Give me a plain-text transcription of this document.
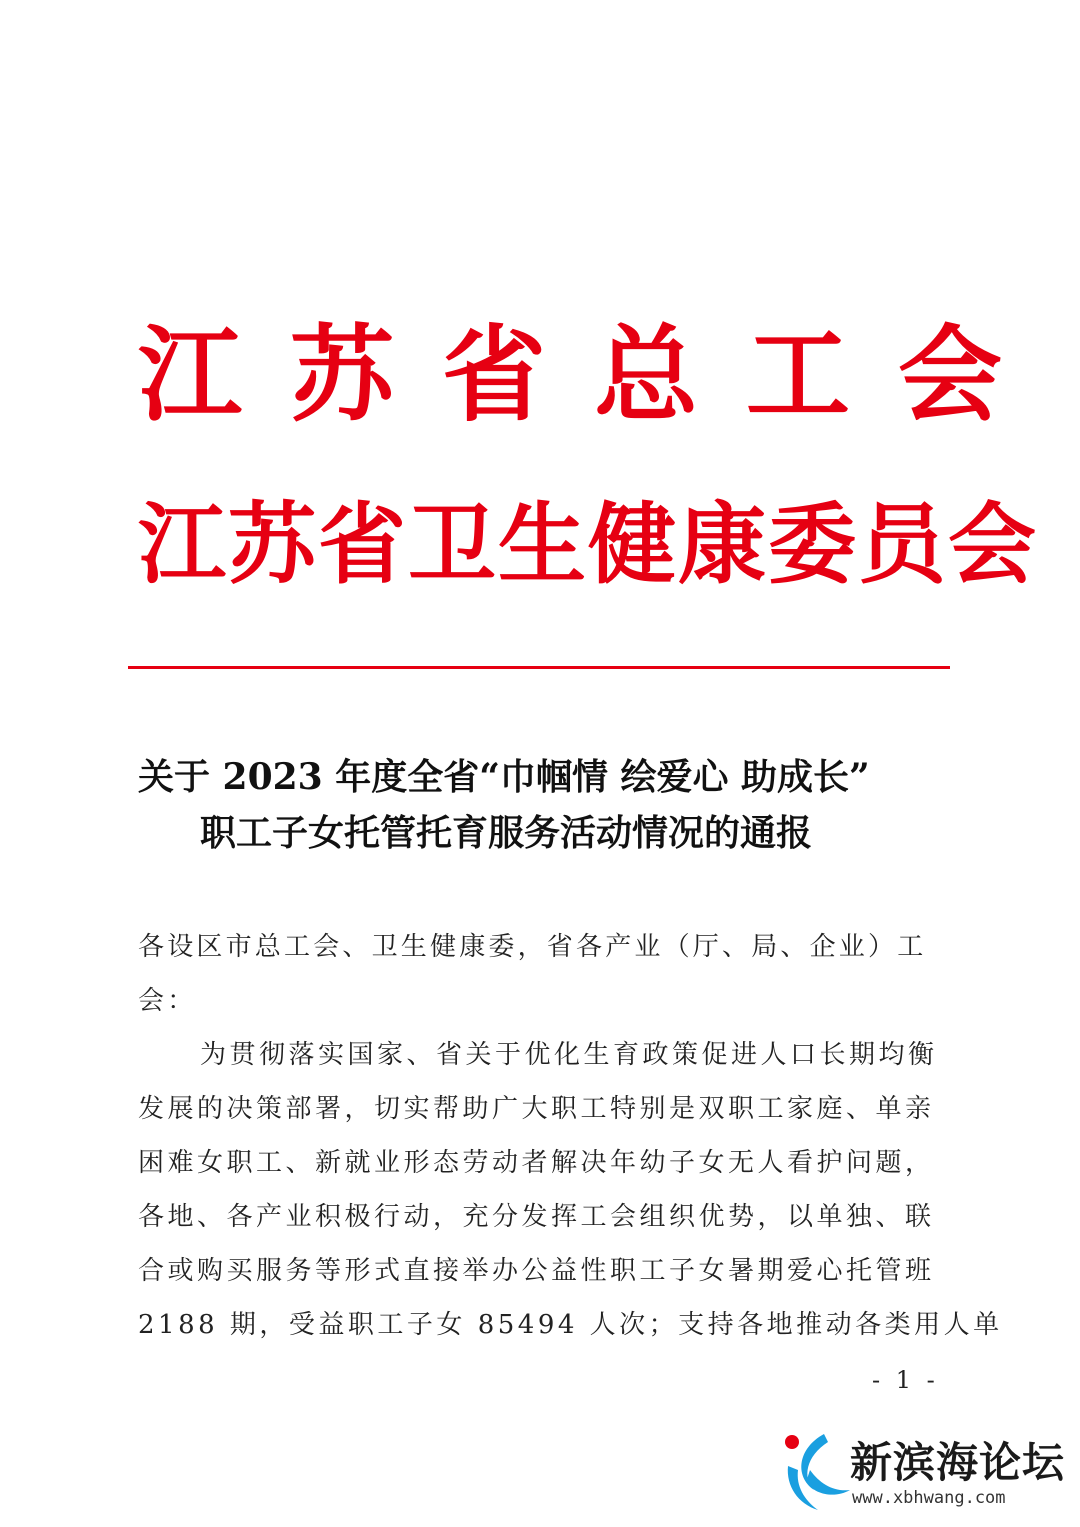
江苏省总工会
江苏省卫生健康委员会
关于 2023 年度全省“巾帼情 绘爱心 助成长”
职工子女托管托育服务活动情况的通报
各设区市总工会、卫生健康委，省各产业（厅、局、企业）工
会：
为贯彻落实国家、省关于优化生育政策促进人口长期均衡
发展的决策部署，切实帮助广大职工特别是双职工家庭、单亲
困难女职工、新就业形态劳动者解决年幼子女无人看护问题，
各地、各产业积极行动，充分发挥工会组织优势，以单独、联
合或购买服务等形式直接举办公益性职工子女暑期爱心托管班
2188 期，受益职工子女 85494 人次；支持各地推动各类用人单
- 1 -
新滨海论坛
www.xbhwang.com
